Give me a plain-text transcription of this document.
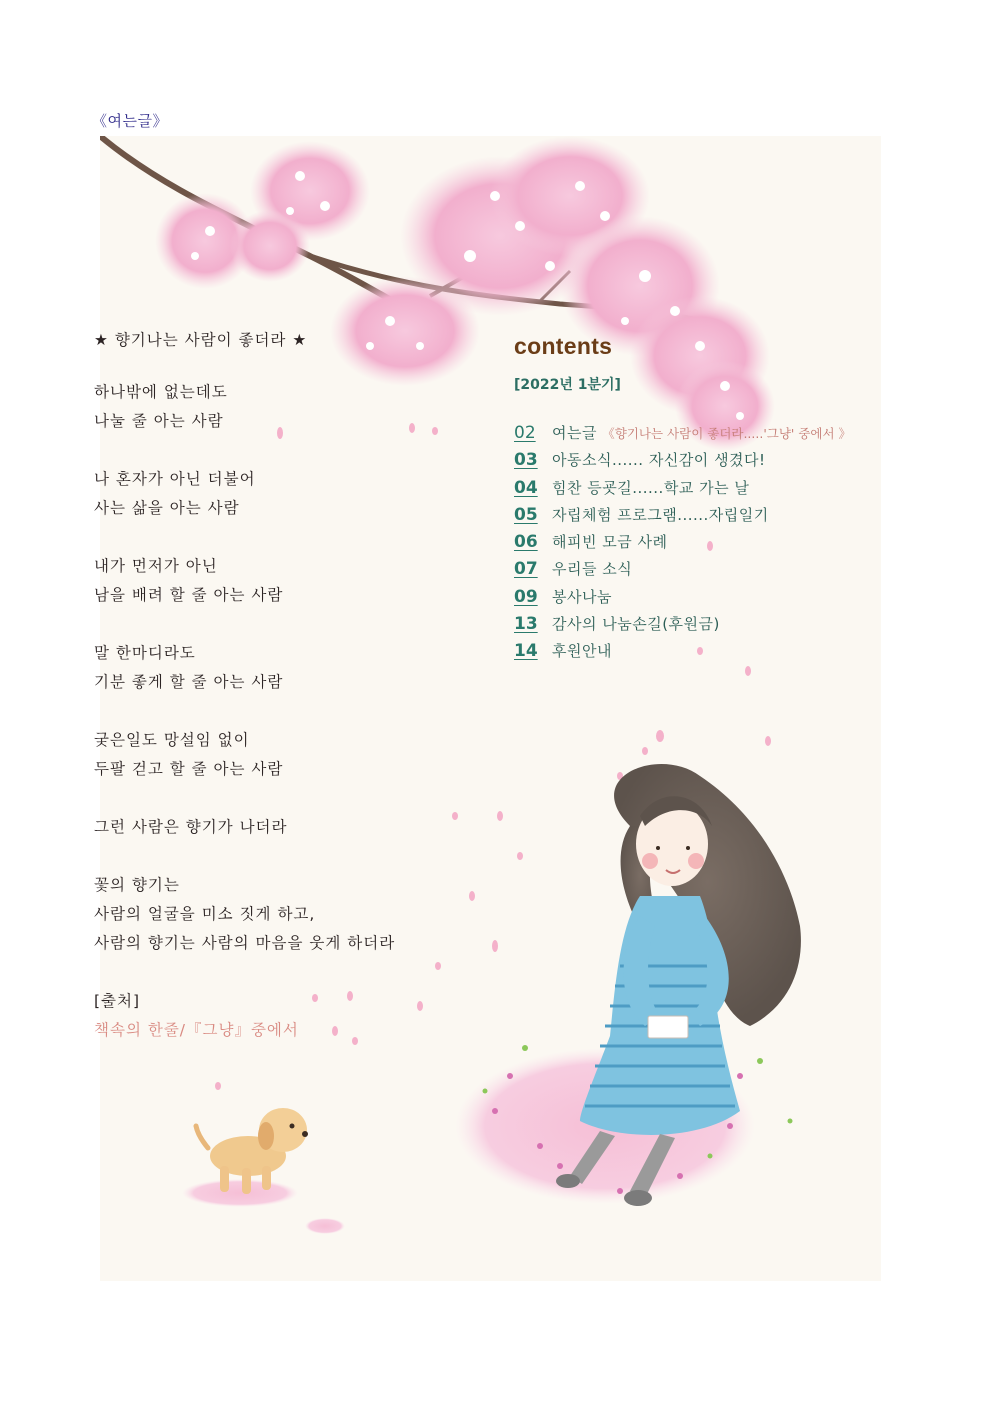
《여는글》
★ 향기나는 사람이 좋더라 ★
하나밖에 없는데도
나눌 줄 아는 사람
나 혼자가 아닌 더불어
사는 삶을 아는 사람
내가 먼저가 아닌
남을 배려 할 줄 아는 사람
말 한마디라도
기분 좋게 할 줄 아는 사람
궂은일도 망설임 없이
두팔 걷고 할 줄 아는 사람
그런 사람은 향기가 나더라
꽃의 향기는
사람의 얼굴을 미소 짓게 하고,
사람의 향기는 사람의 마음을 웃게 하더라
[출처]
책속의 한줄/『그냥』중에서
contents
[2022년 1분기]
02	여는글 《향기나는 사람이 좋더라.....'그냥' 중에서 》
03 아동소식...... 자신감이 생겼다!
04 힘찬 등굣길......학교 가는 날
05 자립체험 프로그램......자립일기
06 해피빈 모금 사례
07 우리들 소식
09 봉사나눔
13 감사의 나눔손길(후원금)
14 후원안내
